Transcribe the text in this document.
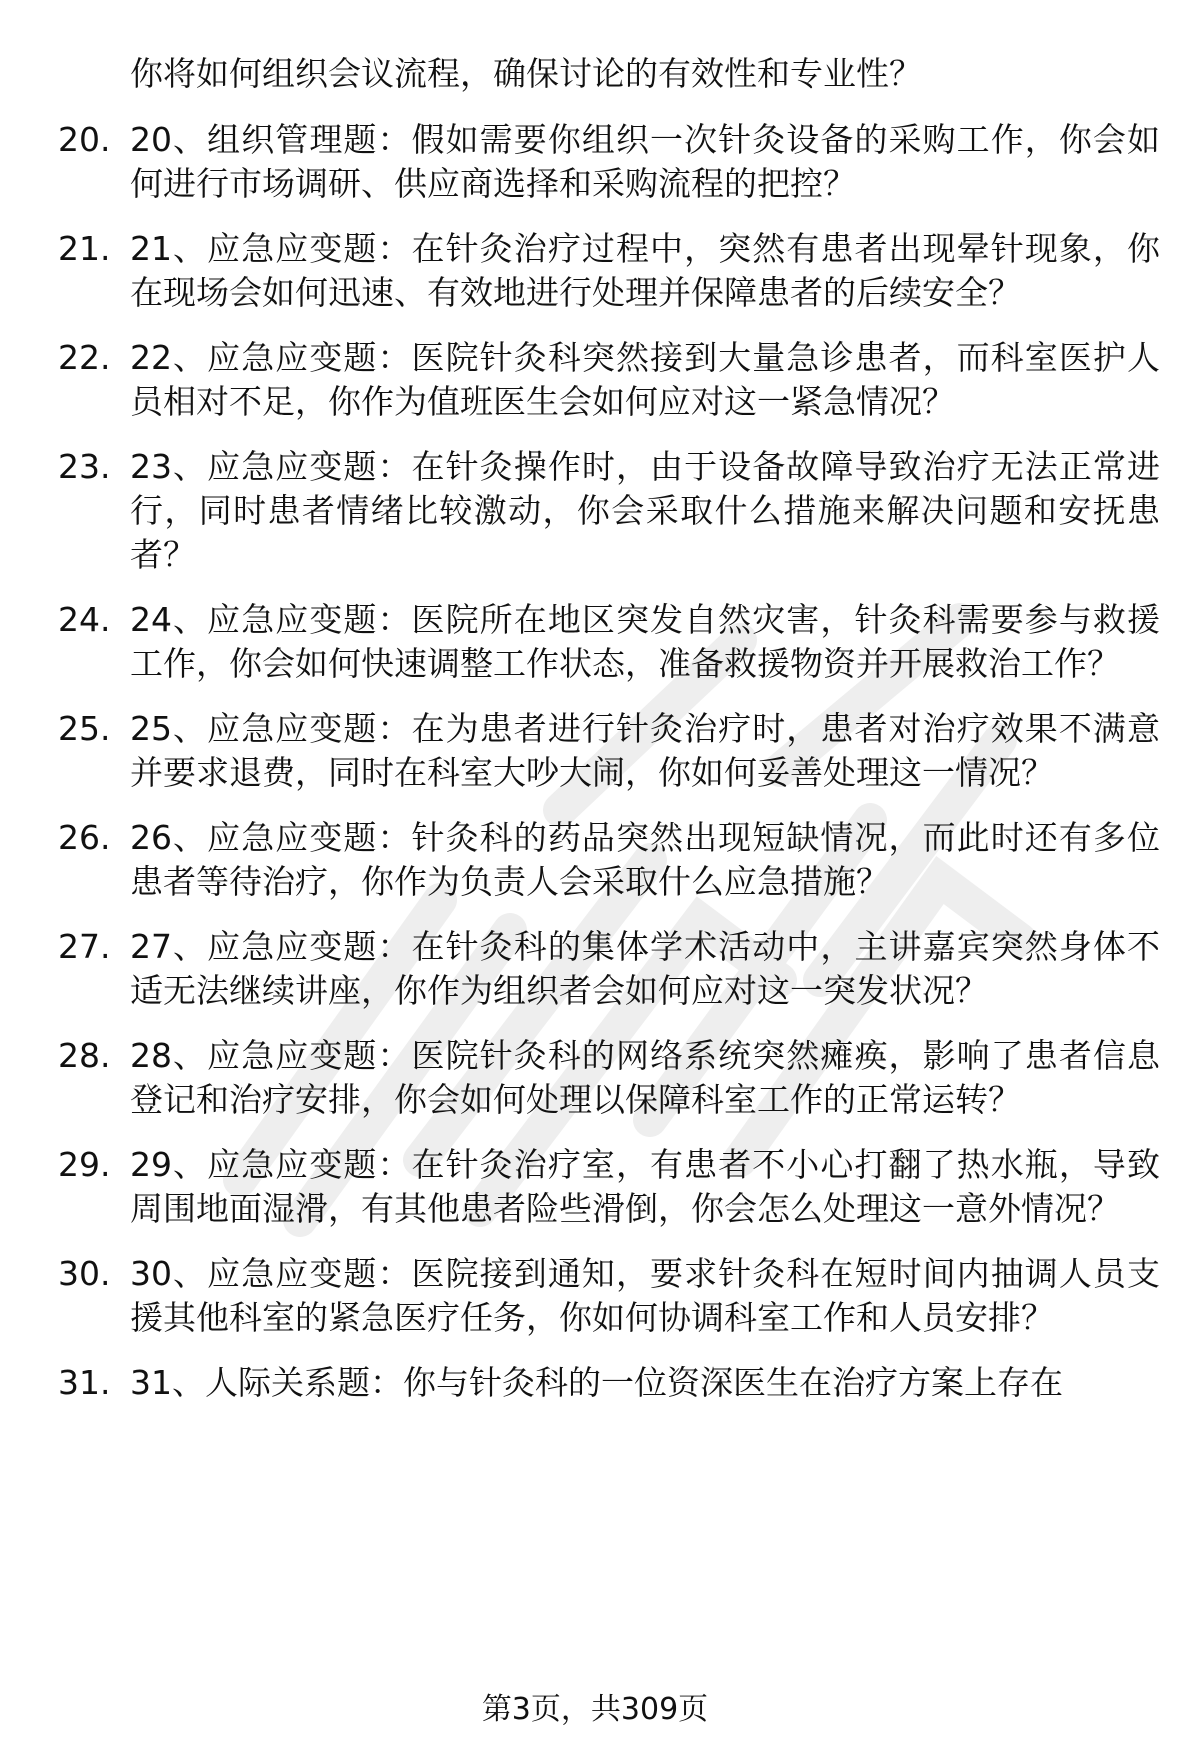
你将如何组织会议流程，确保讨论的有效性和专业性？
20. 20、组织管理题：假如需要你组织一次针灸设备的采购工作，你会如何进行市场调研、供应商选择和采购流程的把控？
21. 21、应急应变题：在针灸治疗过程中，突然有患者出现晕针现象，你在现场会如何迅速、有效地进行处理并保障患者的后续安全？
22. 22、应急应变题：医院针灸科突然接到大量急诊患者，而科室医护人员相对不足，你作为值班医生会如何应对这一紧急情况？
23. 23、应急应变题：在针灸操作时，由于设备故障导致治疗无法正常进行，同时患者情绪比较激动，你会采取什么措施来解决问题和安抚患者？
24. 24、应急应变题：医院所在地区突发自然灾害，针灸科需要参与救援工作，你会如何快速调整工作状态，准备救援物资并开展救治工作？
25. 25、应急应变题：在为患者进行针灸治疗时，患者对治疗效果不满意并要求退费，同时在科室大吵大闹，你如何妥善处理这一情况？
26. 26、应急应变题：针灸科的药品突然出现短缺情况，而此时还有多位患者等待治疗，你作为负责人会采取什么应急措施？
27. 27、应急应变题：在针灸科的集体学术活动中，主讲嘉宾突然身体不适无法继续讲座，你作为组织者会如何应对这一突发状况？
28. 28、应急应变题：医院针灸科的网络系统突然瘫痪，影响了患者信息登记和治疗安排，你会如何处理以保障科室工作的正常运转？
29. 29、应急应变题：在针灸治疗室，有患者不小心打翻了热水瓶，导致周围地面湿滑，有其他患者险些滑倒，你会怎么处理这一意外情况？
30. 30、应急应变题：医院接到通知，要求针灸科在短时间内抽调人员支援其他科室的紧急医疗任务，你如何协调科室工作和人员安排？
31. 31、人际关系题：你与针灸科的一位资深医生在治疗方案上存在
第3页，共309页
